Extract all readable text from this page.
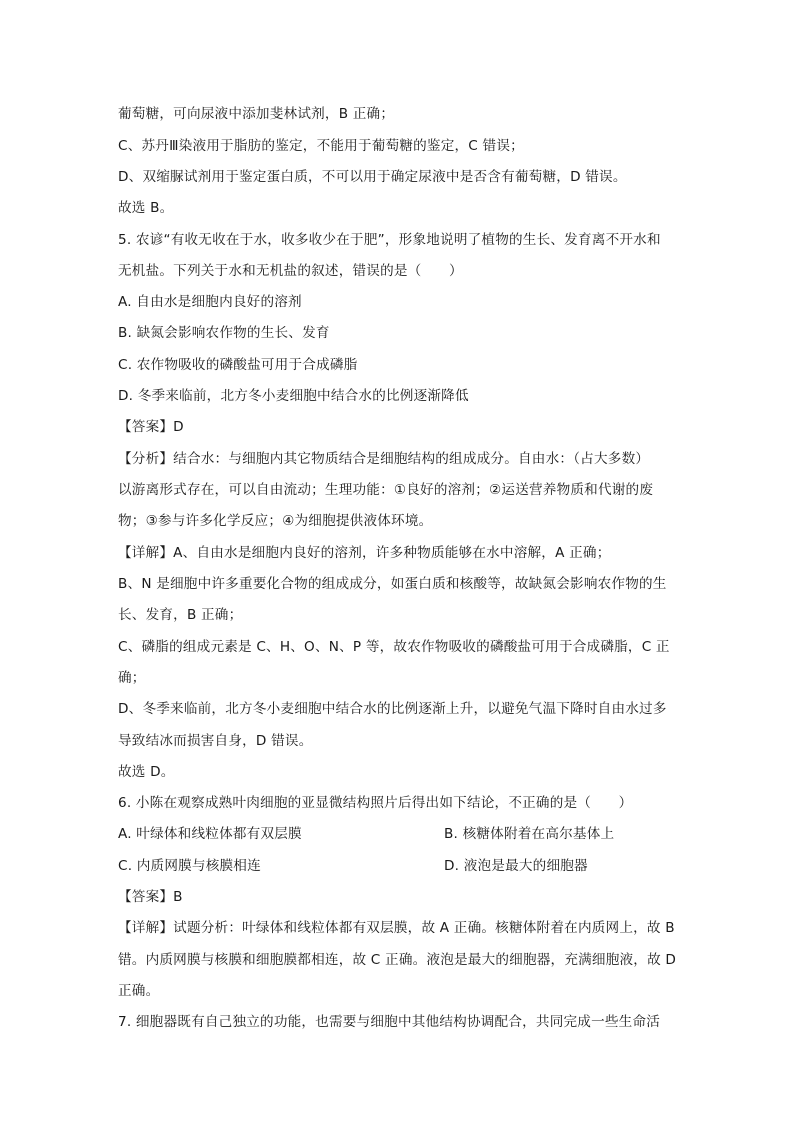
葡萄糖，可向尿液中添加斐林试剂，B 正确；
C、苏丹Ⅲ染液用于脂肪的鉴定，不能用于葡萄糖的鉴定，C 错误；
D、双缩脲试剂用于鉴定蛋白质，不可以用于确定尿液中是否含有葡萄糖，D 错误。
故选 B。
5. 农谚“有收无收在于水，收多收少在于肥”，形象地说明了植物的生长、发育离不开水和
无机盐。下列关于水和无机盐的叙述，错误的是（　　）
A. 自由水是细胞内良好的溶剂
B. 缺氮会影响农作物的生长、发育
C. 农作物吸收的磷酸盐可用于合成磷脂
D. 冬季来临前，北方冬小麦细胞中结合水的比例逐渐降低
【答案】D
【分析】结合水：与细胞内其它物质结合是细胞结构的组成成分。自由水：（占大多数）
以游离形式存在，可以自由流动；生理功能：①良好的溶剂；②运送营养物质和代谢的废
物；③参与许多化学反应；④为细胞提供液体环境。
【详解】A、自由水是细胞内良好的溶剂，许多种物质能够在水中溶解，A 正确；
B、N 是细胞中许多重要化合物的组成成分，如蛋白质和核酸等，故缺氮会影响农作物的生
长、发育，B 正确；
C、磷脂的组成元素是 C、H、O、N、P 等，故农作物吸收的磷酸盐可用于合成磷脂，C 正
确；
D、冬季来临前，北方冬小麦细胞中结合水的比例逐渐上升，以避免气温下降时自由水过多
导致结冰而损害自身，D 错误。
故选 D。
6. 小陈在观察成熟叶肉细胞的亚显微结构照片后得出如下结论，不正确的是（　　）
A. 叶绿体和线粒体都有双层膜	B. 核糖体附着在高尔基体上
C. 内质网膜与核膜相连	D. 液泡是最大的细胞器
【答案】B
【详解】试题分析：叶绿体和线粒体都有双层膜，故 A 正确。核糖体附着在内质网上，故 B
错。内质网膜与核膜和细胞膜都相连，故 C 正确。液泡是最大的细胞器，充满细胞液，故 D
正确。
7. 细胞器既有自己独立的功能，也需要与细胞中其他结构协调配合，共同完成一些生命活
